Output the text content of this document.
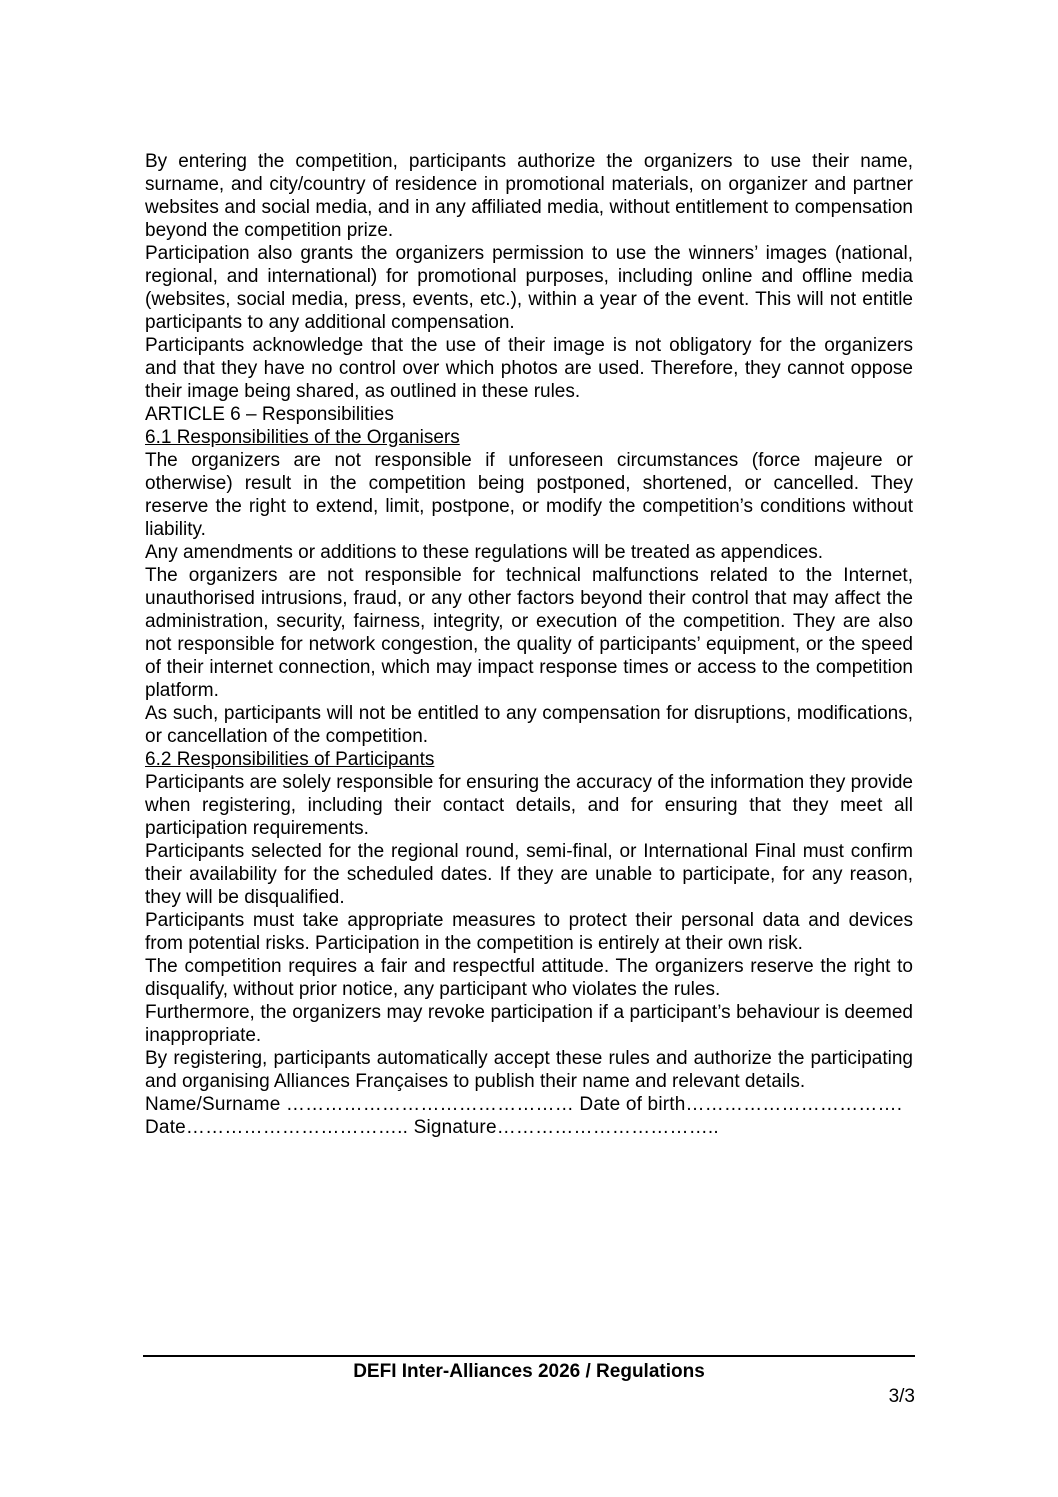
By entering the competition, participants authorize the organizers to use their name, surname, and city/country of residence in promotional materials, on organizer and partner websites and social media, and in any affiliated media, without entitlement to compensation beyond the competition prize.

Participation also grants the organizers permission to use the winners’ images (national, regional, and international) for promotional purposes, including online and offline media (websites, social media, press, events, etc.), within a year of the event. This will not entitle participants to any additional compensation.

Participants acknowledge that the use of their image is not obligatory for the organizers and that they have no control over which photos are used. Therefore, they cannot oppose their image being shared, as outlined in these rules.

ARTICLE 6 – Responsibilities
6.1 Responsibilities of the Organisers

The organizers are not responsible if unforeseen circumstances (force majeure or otherwise) result in the competition being postponed, shortened, or cancelled. They reserve the right to extend, limit, postpone, or modify the competition’s conditions without liability.

Any amendments or additions to these regulations will be treated as appendices.

The organizers are not responsible for technical malfunctions related to the Internet, unauthorised intrusions, fraud, or any other factors beyond their control that may affect the administration, security, fairness, integrity, or execution of the competition. They are also not responsible for network congestion, the quality of participants’ equipment, or the speed of their internet connection, which may impact response times or access to the competition platform.

As such, participants will not be entitled to any compensation for disruptions, modifications, or cancellation of the competition.

6.2 Responsibilities of Participants

Participants are solely responsible for ensuring the accuracy of the information they provide when registering, including their contact details, and for ensuring that they meet all participation requirements.

Participants selected for the regional round, semi-final, or International Final must confirm their availability for the scheduled dates. If they are unable to participate, for any reason, they will be disqualified.

Participants must take appropriate measures to protect their personal data and devices from potential risks. Participation in the competition is entirely at their own risk.

The competition requires a fair and respectful attitude. The organizers reserve the right to disqualify, without prior notice, any participant who violates the rules.

Furthermore, the organizers may revoke participation if a participant’s behaviour is deemed inappropriate.

By registering, participants automatically accept these rules and authorize the participating and organising Alliances Françaises to publish their name and relevant details.

Name/Surname ……………………………………… Date of birth…………………………….

Date…………………………….. Signature……………………………..

DEFI Inter-Alliances 2026 / Regulations
3/3
